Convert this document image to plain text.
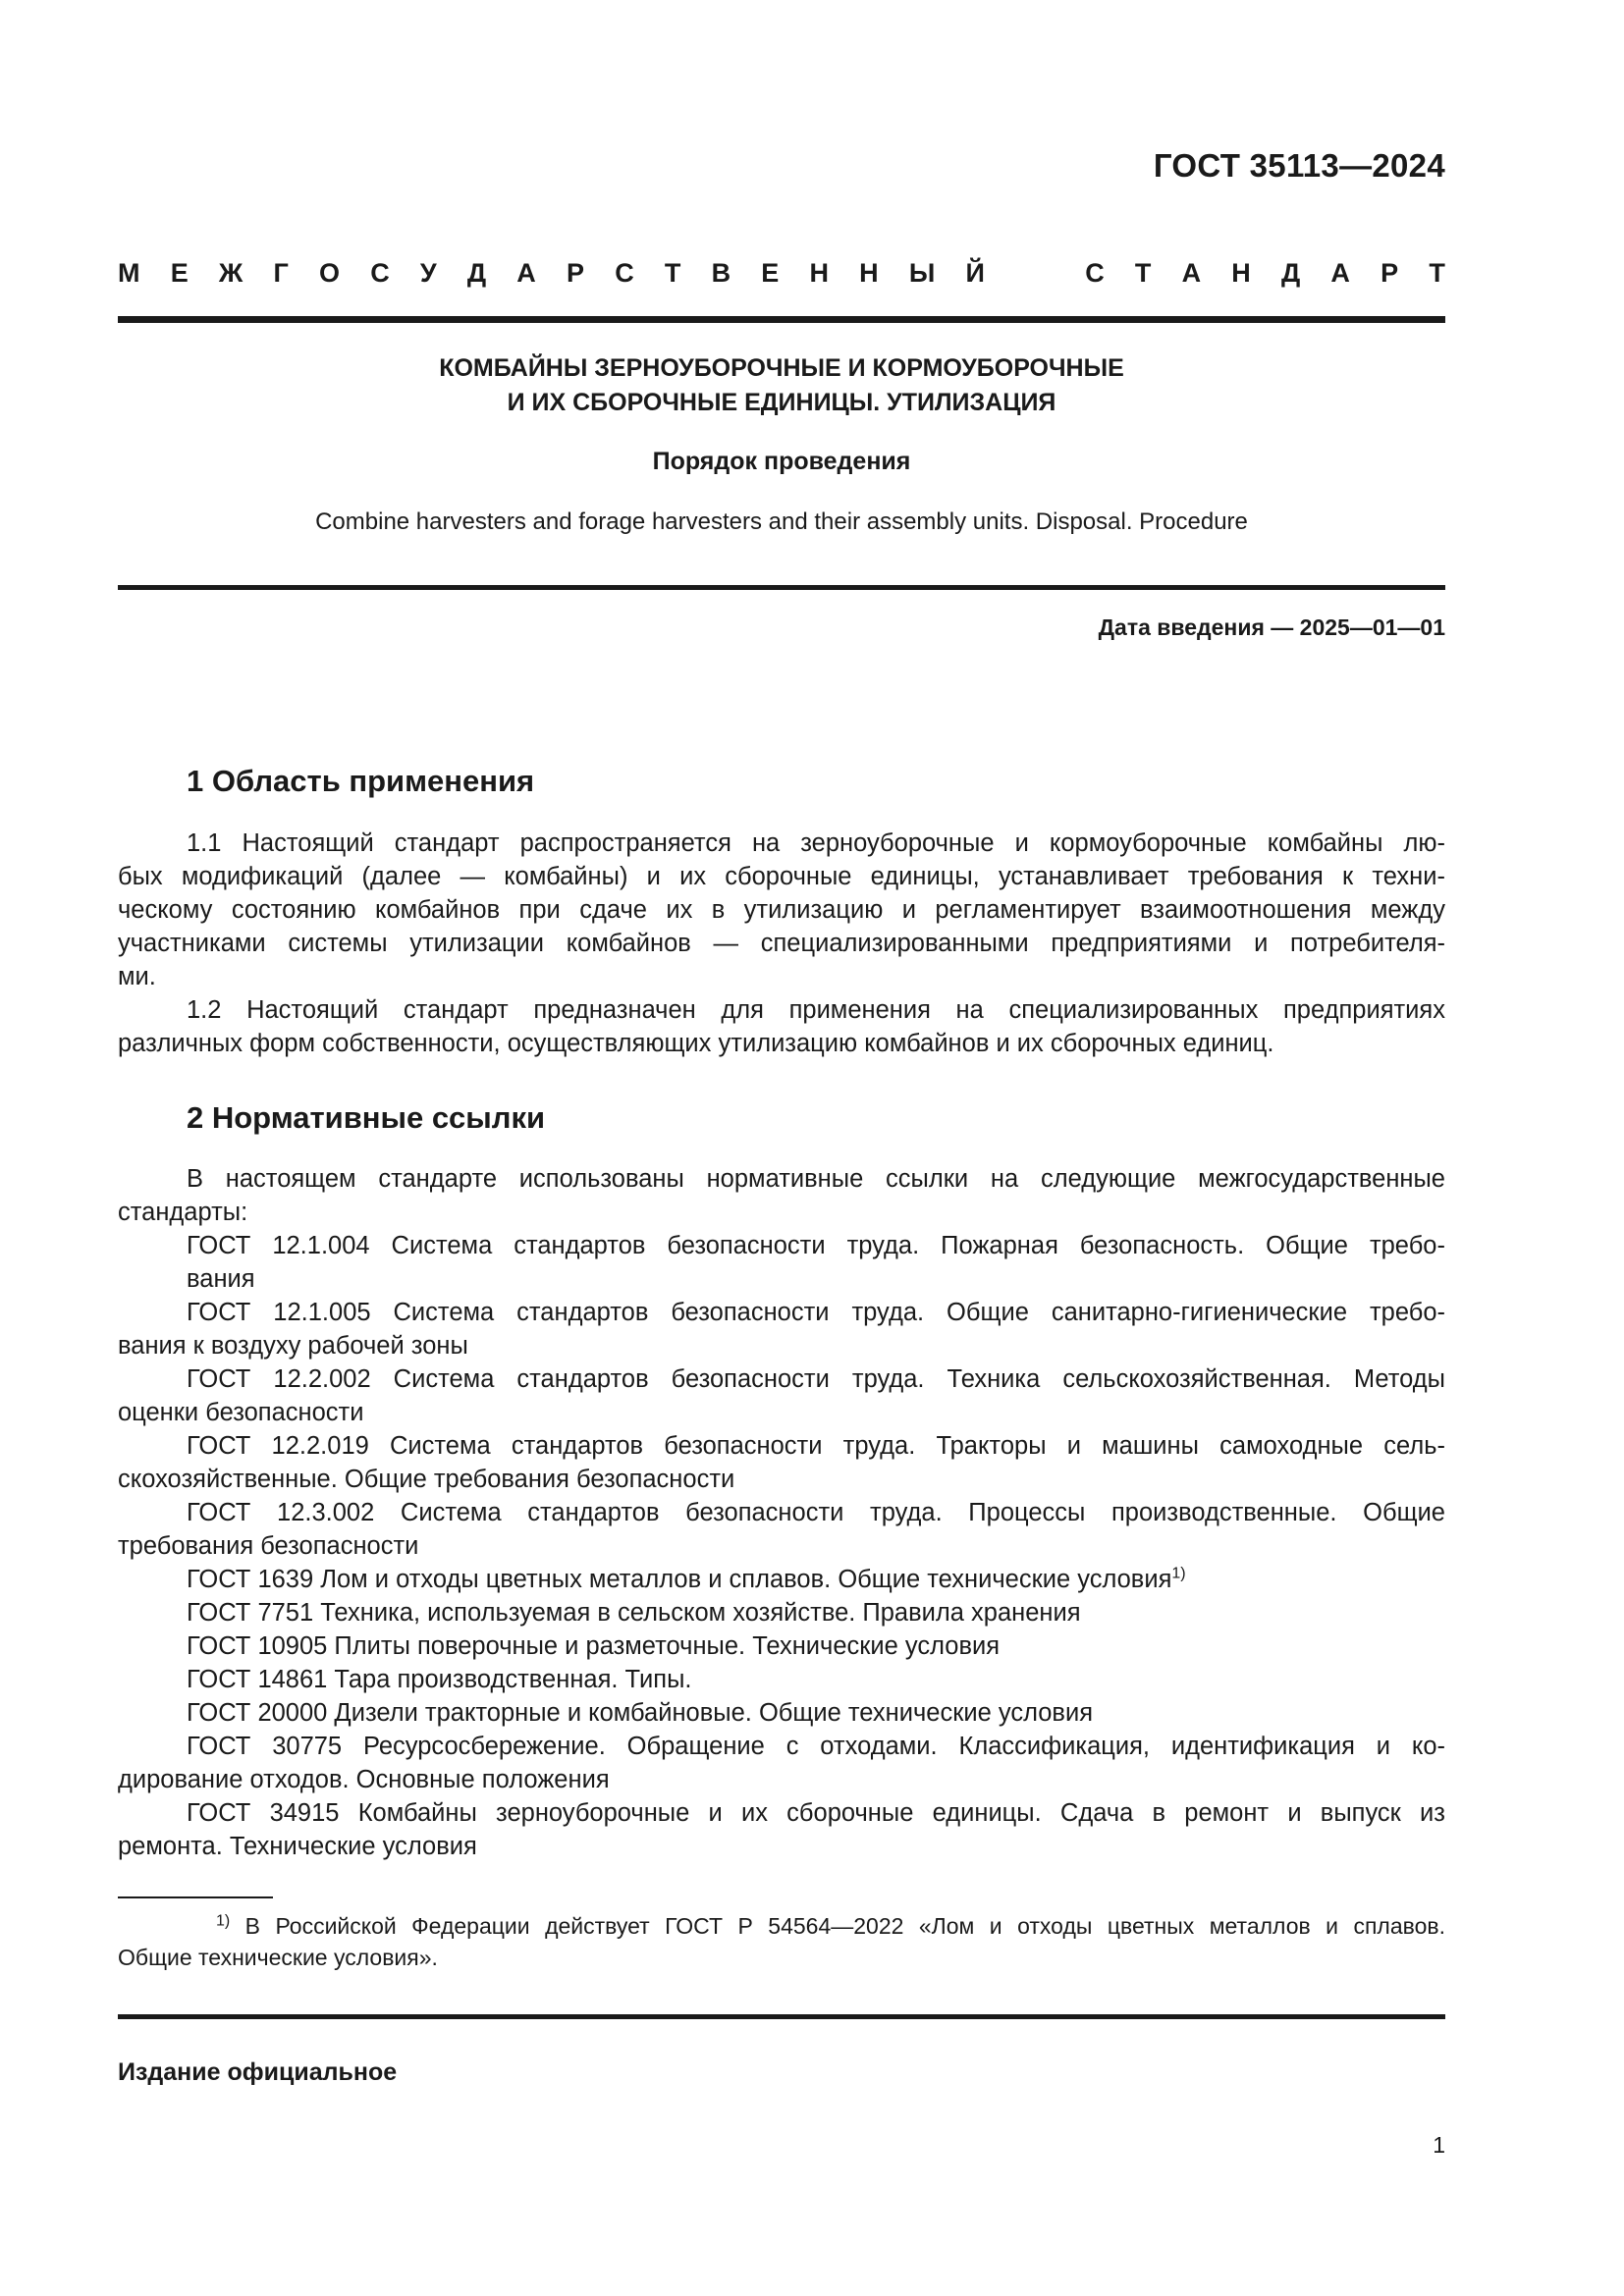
ГОСТ 35113—2024
М Е Ж Г О С У Д А Р С Т В Е Н Н Ы Й	С Т А Н Д А Р Т
КОМБАЙНЫ ЗЕРНОУБОРОЧНЫЕ И КОРМОУБОРОЧНЫЕ
И ИХ СБОРОЧНЫЕ ЕДИНИЦЫ. УТИЛИЗАЦИЯ
Порядок проведения
Combine harvesters and forage harvesters and their assembly units. Disposal. Procedure
Дата введения — 2025—01—01
1 Область применения
1.1 Настоящий стандарт распространяется на зерноуборочные и кормоуборочные комбайны лю-
бых модификаций (далее — комбайны) и их сборочные единицы, устанавливает требования к техни-
ческому состоянию комбайнов при сдаче их в утилизацию и регламентирует взаимоотношения между
участниками системы утилизации комбайнов — специализированными предприятиями и потребителя-
ми.
1.2 Настоящий стандарт предназначен для применения на специализированных предприятиях
различных форм собственности, осуществляющих утилизацию комбайнов и их сборочных единиц.
2 Нормативные ссылки
В настоящем стандарте использованы нормативные ссылки на следующие межгосударственные
стандарты:
ГОСТ 12.1.004 Система стандартов безопасности труда. Пожарная безопасность. Общие требо-
вания
ГОСТ 12.1.005 Система стандартов безопасности труда. Общие санитарно-гигиенические требо-
вания к воздуху рабочей зоны
ГОСТ 12.2.002 Система стандартов безопасности труда. Техника сельскохозяйственная. Методы
оценки безопасности
ГОСТ 12.2.019 Система стандартов безопасности труда. Тракторы и машины самоходные сель-
скохозяйственные. Общие требования безопасности
ГОСТ 12.3.002 Система стандартов безопасности труда. Процессы производственные. Общие
требования безопасности
ГОСТ 1639 Лом и отходы цветных металлов и сплавов. Общие технические условия$^{1)}$
ГОСТ 7751 Техника, используемая в сельском хозяйстве. Правила хранения
ГОСТ 10905 Плиты поверочные и разметочные. Технические условия
ГОСТ 14861 Тара производственная. Типы.
ГОСТ 20000 Дизели тракторные и комбайновые. Общие технические условия
ГОСТ 30775 Ресурсосбережение. Обращение с отходами. Классификация, идентификация и ко-
дирование отходов. Основные положения
ГОСТ 34915 Комбайны зерноуборочные и их сборочные единицы. Сдача в ремонт и выпуск из
ремонта. Технические условия
$^{1)}$ В Российской Федерации действует ГОСТ Р 54564—2022 «Лом и отходы цветных металлов и сплавов.
Общие технические условия».
Издание официальное
1
